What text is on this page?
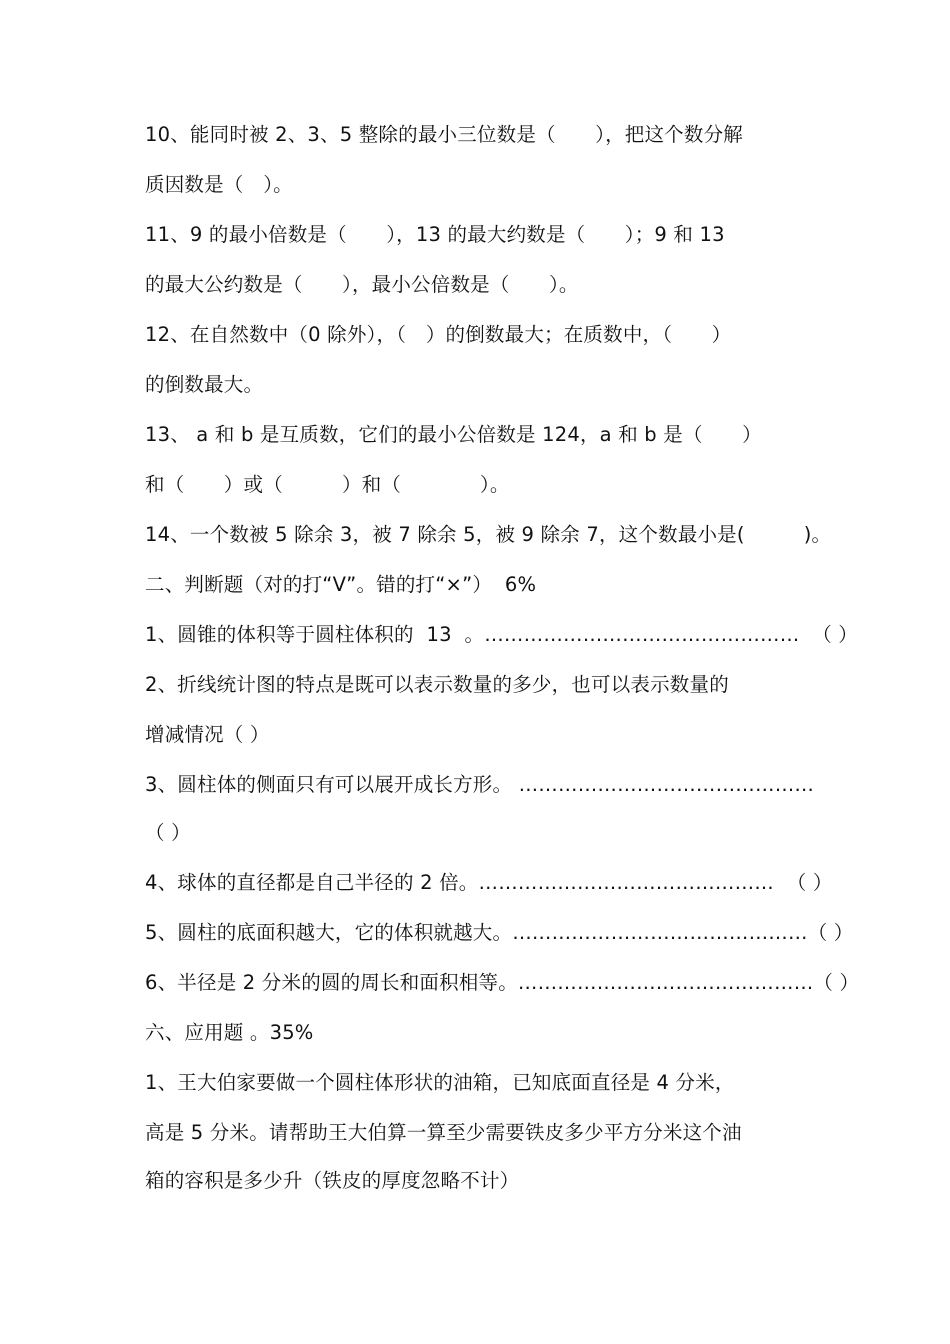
10、能同时被 2、3、5 整除的最小三位数是（　　），把这个数分解
质因数是（　）。
11、9 的最小倍数是（　　），13 的最大约数是（　　）；9 和 13
的最大公约数是（　　），最小公倍数是（　　）。
12、在自然数中（0 除外），（　）的倒数最大；在质数中，（　　）
的倒数最大。
13、 a 和 b 是互质数，它们的最小公倍数是 124，a 和 b 是（　　）
和（　　）或（　　　）和（　　　　）。
14、一个数被 5 除余 3，被 7 除余 5，被 9 除余 7，这个数最小是(　　　)。
二、判断题（对的打“V”。错的打“×”）  6%
1、圆锥的体积等于圆柱体积的  13  。…………………………………………  （ ）
2、折线统计图的特点是既可以表示数量的多少，也可以表示数量的
增减情况（ ）
3、圆柱体的侧面只有可以展开成长方形。 ………………………………………
（ ）
4、球体的直径都是自己半径的 2 倍。………………………………………  （ ）
5、圆柱的底面积越大，它的体积就越大。………………………………………（ ）
6、半径是 2 分米的圆的周长和面积相等。………………………………………（ ）
六、应用题 。35%
1、王大伯家要做一个圆柱体形状的油箱，已知底面直径是 4 分米，
高是 5 分米。请帮助王大伯算一算至少需要铁皮多少平方分米这个油
箱的容积是多少升（铁皮的厚度忽略不计）
